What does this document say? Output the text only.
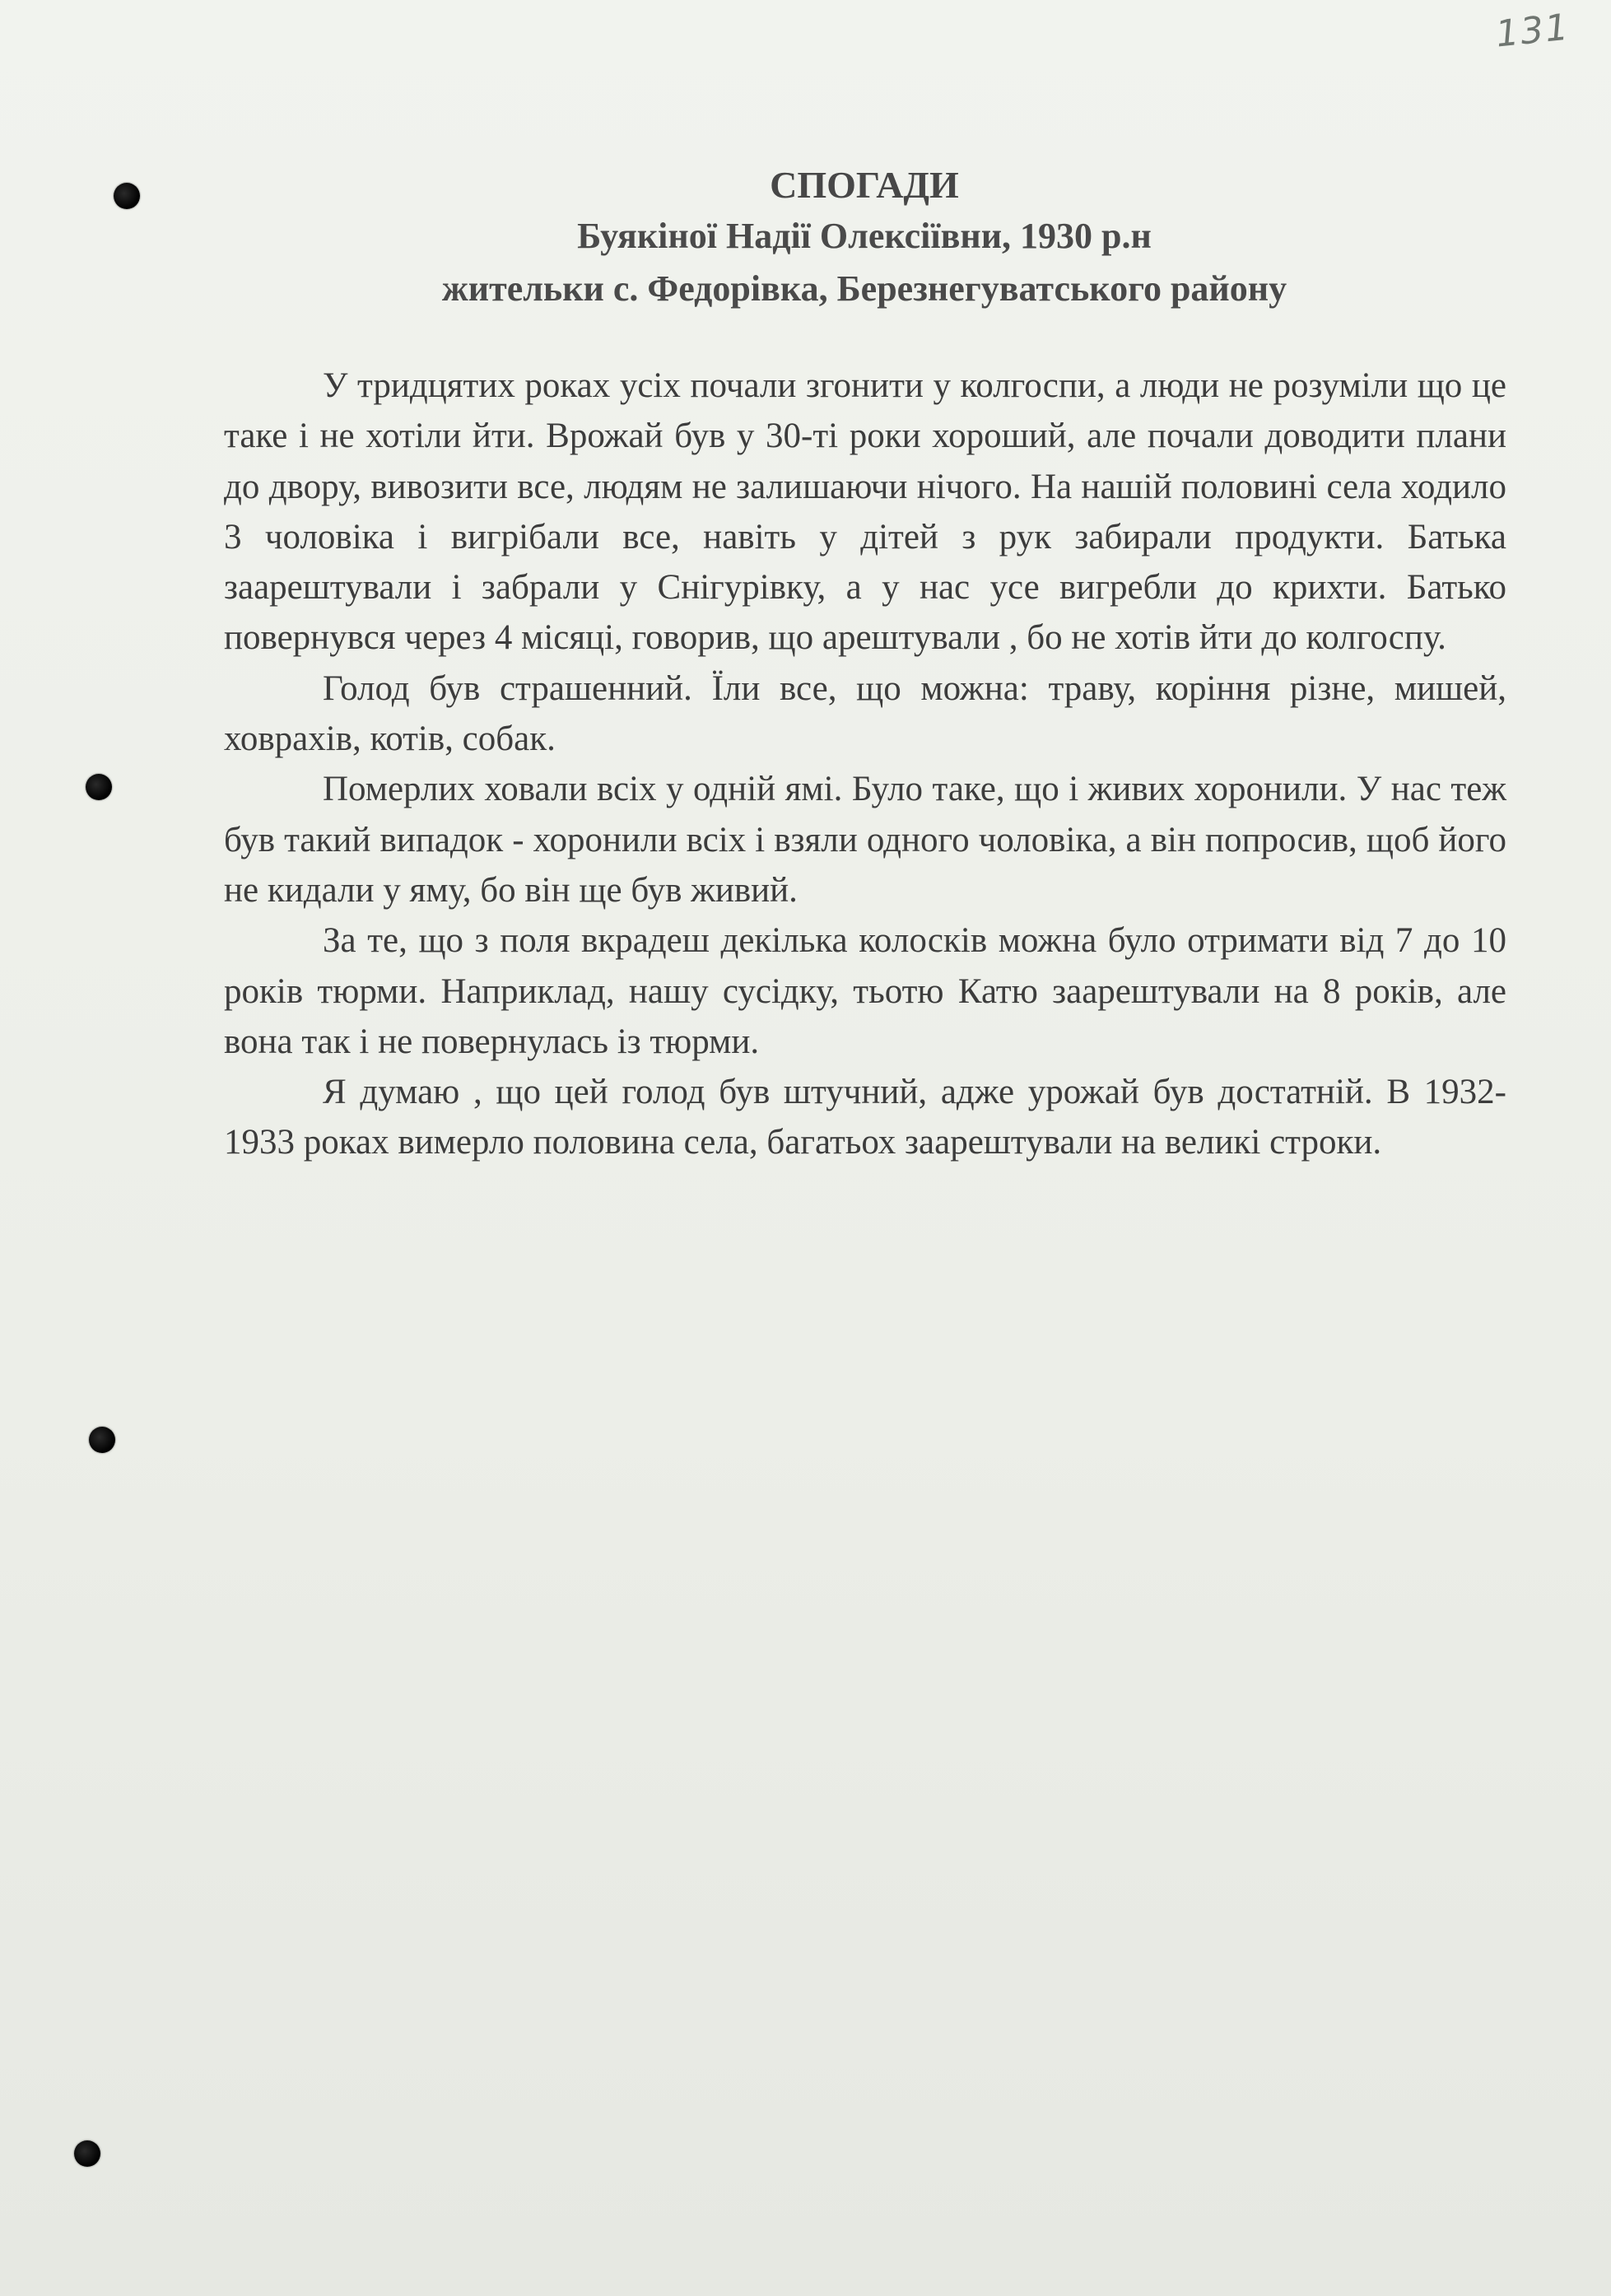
131
СПОГАДИ
Буякіної Надії Олексіївни, 1930 р.н
жительки с. Федорівка, Березнегуватського району

У тридцятих роках усіх почали згонити у колгоспи, а люди не розуміли що це таке і не хотіли йти. Врожай був у 30-ті роки хороший, але почали доводити плани до двору, вивозити все, людям не залишаючи нічого. На нашій половині села ходило 3 чоловіка і вигрібали все, навіть у дітей з рук забирали продукти. Батька заарештували і забрали у Снігурівку, а у нас усе вигребли до крихти. Батько повернувся через 4 місяці, говорив, що арештували , бо не хотів йти до колгоспу.

Голод був страшенний. Їли все, що можна: траву, коріння різне, мишей, ховрахів, котів, собак.

Померлих ховали всіх у одній ямі. Було таке, що і живих хоронили. У нас теж був такий випадок - хоронили всіх і взяли одного чоловіка, а він попросив, щоб його не кидали у яму, бо він ще був живий.

За те, що з поля вкрадеш декілька колосків можна було отримати від 7 до 10 років тюрми. Наприклад, нашу сусідку, тьотю Катю заарештували на 8 років, але вона так і не повернулась із тюрми.

Я думаю , що цей голод був штучний, адже урожай був достатній. В 1932-1933 роках вимерло половина села, багатьох заарештували на великі строки.
